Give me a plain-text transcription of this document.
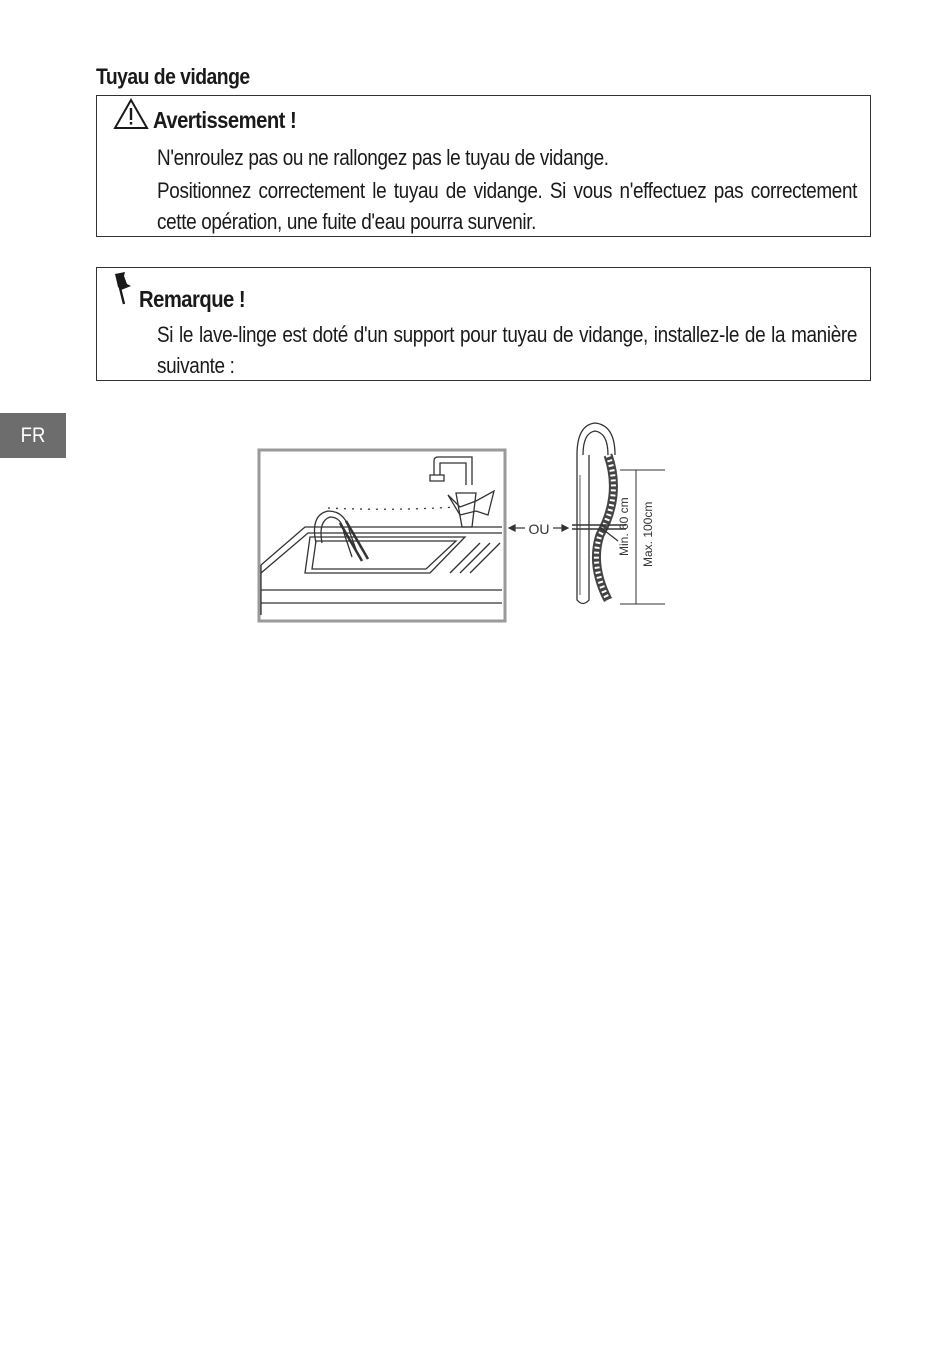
Tuyau de vidange
Avertissement !
N'enroulez pas ou ne rallongez pas le tuyau de vidange.
Positionnez correctement le tuyau de vidange. Si vous n'effectuez pas correctement cette opération, une fuite d'eau pourra survenir.
Remarque !
Si le lave-linge est doté d'un support pour tuyau de vidange, installez-le de la manière suivante :
FR
OU	Min. 60 cm Max. 100cm
